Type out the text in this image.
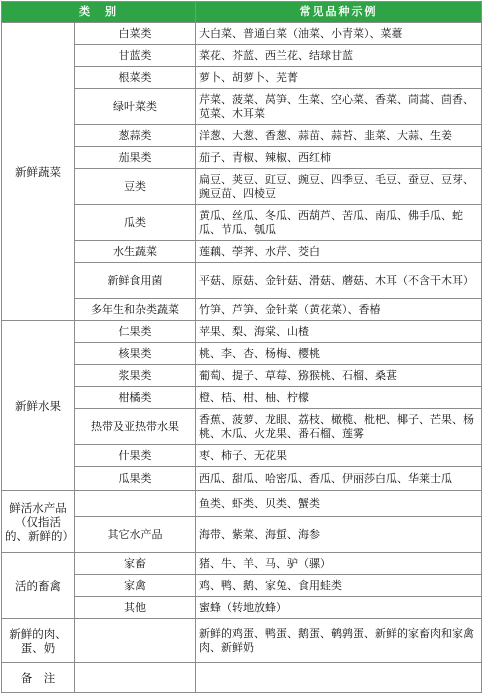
类　别		常见品种示例
新鲜蔬菜	白菜类	大白菜、普通白菜（油菜、小青菜）、菜薹
	甘蓝类	菜花、芥蓝、西兰花、结球甘蓝
	根菜类	萝卜、胡萝卜、芜菁
	绿叶菜类	芹菜、菠菜、莴笋、生菜、空心菜、香菜、茼蒿、茴香、苋菜、木耳菜
	葱蒜类	洋葱、大葱、香葱、蒜苗、蒜苔、韭菜、大蒜、生姜
	茄果类	茄子、青椒、辣椒、西红柿
	豆类	扁豆、荚豆、豇豆、豌豆、四季豆、毛豆、蚕豆、豆芽、豌豆苗、四棱豆
	瓜类	黄瓜、丝瓜、冬瓜、西葫芦、苦瓜、南瓜、佛手瓜、蛇瓜、节瓜、瓠瓜
	水生蔬菜	莲藕、荸荠、水芹、茭白
	新鲜食用菌	平菇、原菇、金针菇、滑菇、蘑菇、木耳（不含干木耳）
	多年生和杂类蔬菜	竹笋、芦笋、金针菜（黄花菜）、香椿
新鲜水果	仁果类	苹果、梨、海棠、山楂
	核果类	桃、李、杏、杨梅、樱桃
	浆果类	葡萄、提子、草莓、猕猴桃、石榴、桑葚
	柑橘类	橙、桔、柑、柚、柠檬
	热带及亚热带水果	香蕉、菠萝、龙眼、荔枝、橄榄、枇杷、椰子、芒果、杨桃、木瓜、火龙果、番石榴、莲雾
	什果类	枣、柿子、无花果
	瓜果类	西瓜、甜瓜、哈密瓜、香瓜、伊丽莎白瓜、华莱士瓜
鲜活水产品（仅指活的、新鲜的）		鱼类、虾类、贝类、蟹类
	其它水产品	海带、紫菜、海蜇、海参
活的畜禽	家畜	猪、牛、羊、马、驴（骡）
	家禽	鸡、鸭、鹅、家兔、食用蛙类
	其他	蜜蜂（转地放蜂）
新鲜的肉、蛋、奶		新鲜的鸡蛋、鸭蛋、鹅蛋、鹌鹑蛋、新鲜的家畜肉和家禽肉、新鲜奶
备　注		
